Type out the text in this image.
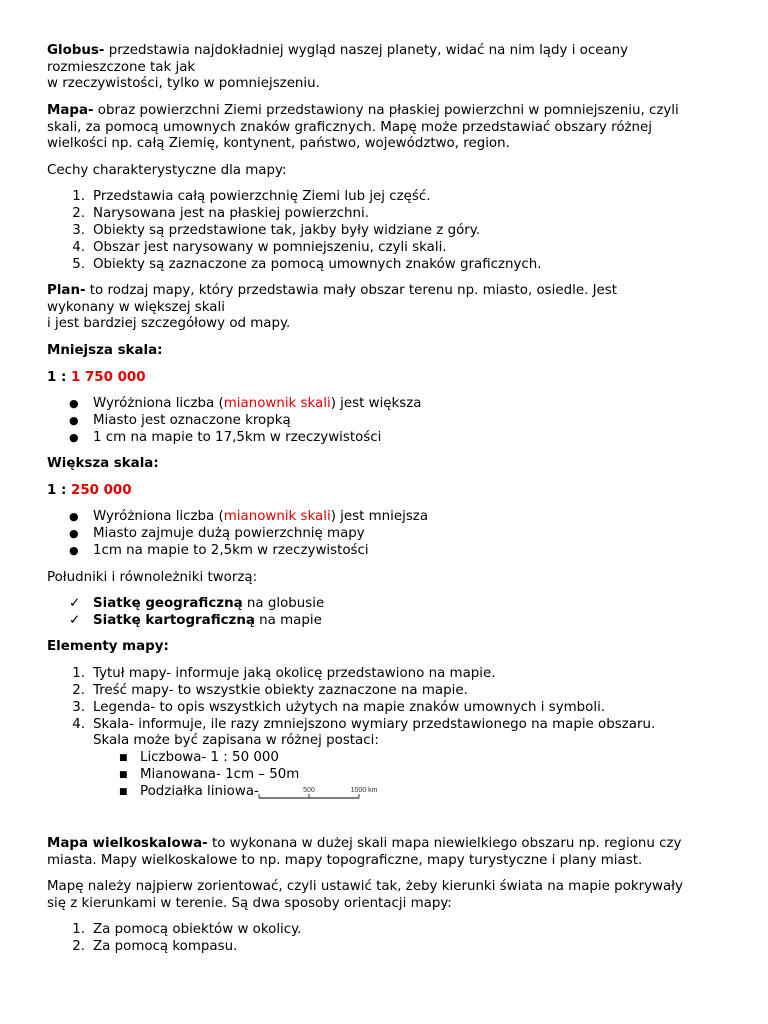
Globus- przedstawia najdokładniej wygląd naszej planety, widać na nim lądy i oceany
rozmieszczone tak jak
w rzeczywistości, tylko w pomniejszeniu.
Mapa- obraz powierzchni Ziemi przedstawiony na płaskiej powierzchni w pomniejszeniu, czyli
skali, za pomocą umownych znaków graficznych. Mapę może przedstawiać obszary różnej
wielkości np. całą Ziemię, kontynent, państwo, województwo, region.
Cechy charakterystyczne dla mapy:
1. Przedstawia całą powierzchnię Ziemi lub jej część.
2. Narysowana jest na płaskiej powierzchni.
3. Obiekty są przedstawione tak, jakby były widziane z góry.
4. Obszar jest narysowany w pomniejszeniu, czyli skali.
5. Obiekty są zaznaczone za pomocą umownych znaków graficznych.
Plan- to rodzaj mapy, który przedstawia mały obszar terenu np. miasto, osiedle. Jest
wykonany w większej skali
i jest bardziej szczegółowy od mapy.
Mniejsza skala:
1 : 1 750 000
● Wyróżniona liczba (mianownik skali) jest większa
● Miasto jest oznaczone kropką
● 1 cm na mapie to 17,5km w rzeczywistości
Większa skala:
1 : 250 000
● Wyróżniona liczba (mianownik skali) jest mniejsza
● Miasto zajmuje dużą powierzchnię mapy
● 1cm na mapie to 2,5km w rzeczywistości
Południki i równoleżniki tworzą:
✓ Siatkę geograficzną na globusie
✓ Siatkę kartograficzną na mapie
Elementy mapy:
1. Tytuł mapy- informuje jaką okolicę przedstawiono na mapie.
2. Treść mapy- to wszystkie obiekty zaznaczone na mapie.
3. Legenda- to opis wszystkich użytych na mapie znaków umownych i symboli.
4. Skala- informuje, ile razy zmniejszono wymiary przedstawionego na mapie obszaru.
Skala może być zapisana w różnej postaci:
■ Liczbowa- 1 : 50 000
■ Mianowana- 1cm – 50m
■ Podziałka liniowa-	500	1000 km
Mapa wielkoskalowa- to wykonana w dużej skali mapa niewielkiego obszaru np. regionu czy
miasta. Mapy wielkoskalowe to np. mapy topograficzne, mapy turystyczne i plany miast.
Mapę należy najpierw zorientować, czyli ustawić tak, żeby kierunki świata na mapie pokrywały
się z kierunkami w terenie. Są dwa sposoby orientacji mapy:
1. Za pomocą obiektów w okolicy.
2. Za pomocą kompasu.
